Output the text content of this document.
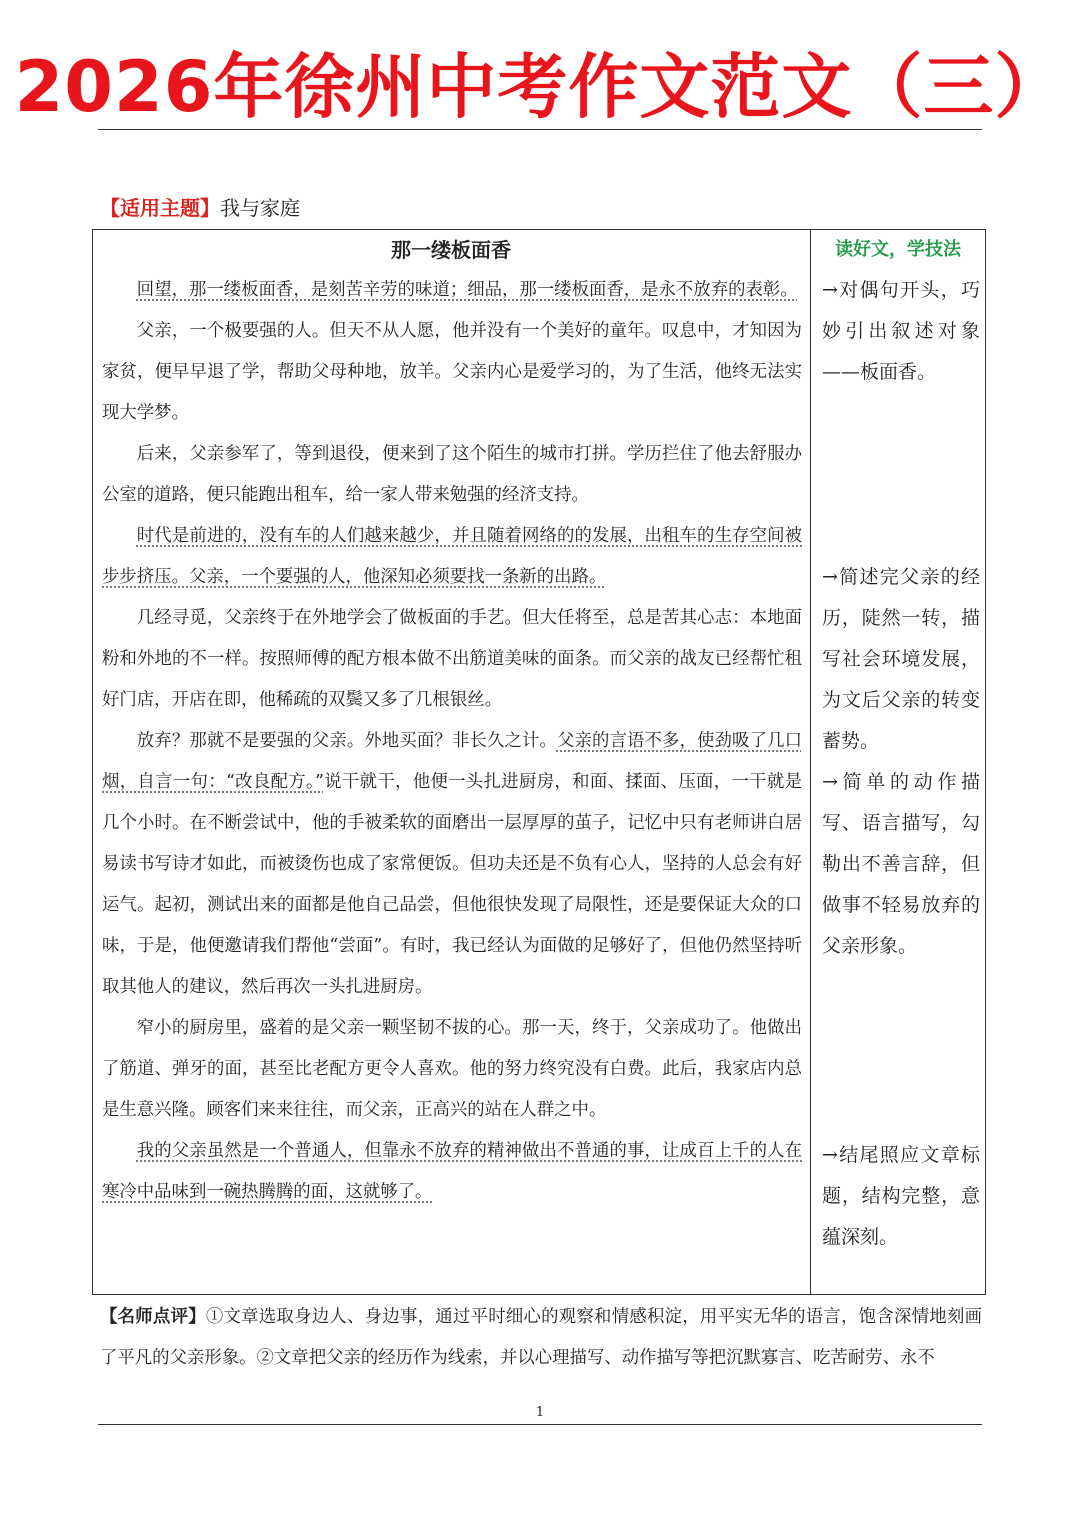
2026年徐州中考作文范文（三）
【适用主题】我与家庭
那一缕板面香	读好文，学技法

回望，那一缕板面香，是刻苦辛劳的味道；细品，那一缕板面香，是永不放弃的表彰。

父亲，一个极要强的人。但天不从人愿，他并没有一个美好的童年。叹息中，才知因为家贫，便早早退了学，帮助父母种地，放羊。父亲内心是爱学习的，为了生活，他终无法实现大学梦。

后来，父亲参军了，等到退役，便来到了这个陌生的城市打拼。学历拦住了他去舒服办公室的道路，便只能跑出租车，给一家人带来勉强的经济支持。

时代是前进的，没有车的人们越来越少，并且随着网络的的发展，出租车的生存空间被步步挤压。父亲，一个要强的人，他深知必须要找一条新的出路。

几经寻觅，父亲终于在外地学会了做板面的手艺。但大任将至，总是苦其心志：本地面粉和外地的不一样。按照师傅的配方根本做不出筋道美味的面条。而父亲的战友已经帮忙租好门店，开店在即，他稀疏的双鬓又多了几根银丝。

放弃？那就不是要强的父亲。外地买面？非长久之计。父亲的言语不多，使劲吸了几口烟，自言一句：“改良配方。”说干就干，他便一头扎进厨房，和面、揉面、压面，一干就是几个小时。在不断尝试中，他的手被柔软的面磨出一层厚厚的茧子，记忆中只有老师讲白居易读书写诗才如此，而被烫伤也成了家常便饭。但功夫还是不负有心人，坚持的人总会有好运气。起初，测试出来的面都是他自己品尝，但他很快发现了局限性，还是要保证大众的口味，于是，他便邀请我们帮他“尝面”。有时，我已经认为面做的足够好了，但他仍然坚持听取其他人的建议，然后再次一头扎进厨房。

窄小的厨房里，盛着的是父亲一颗坚韧不拔的心。那一天，终于，父亲成功了。他做出了筋道、弹牙的面，甚至比老配方更令人喜欢。他的努力终究没有白费。此后，我家店内总是生意兴隆。顾客们来来往往，而父亲，正高兴的站在人群之中。

我的父亲虽然是一个普通人，但靠永不放弃的精神做出不普通的事，让成百上千的人在寒冷中品味到一碗热腾腾的面，这就够了。

→对偶句开头，巧妙引出叙述对象——板面香。

→简述完父亲的经历，陡然一转，描写社会环境发展，为文后父亲的转变蓄势。

→简单的动作描写、语言描写，勾勒出不善言辞，但做事不轻易放弃的父亲形象。

→结尾照应文章标题，结构完整，意蕴深刻。

【名师点评】①文章选取身边人、身边事，通过平时细心的观察和情感积淀，用平实无华的语言，饱含深情地刻画了平凡的父亲形象。②文章把父亲的经历作为线索，并以心理描写、动作描写等把沉默寡言、吃苦耐劳、永不
1
